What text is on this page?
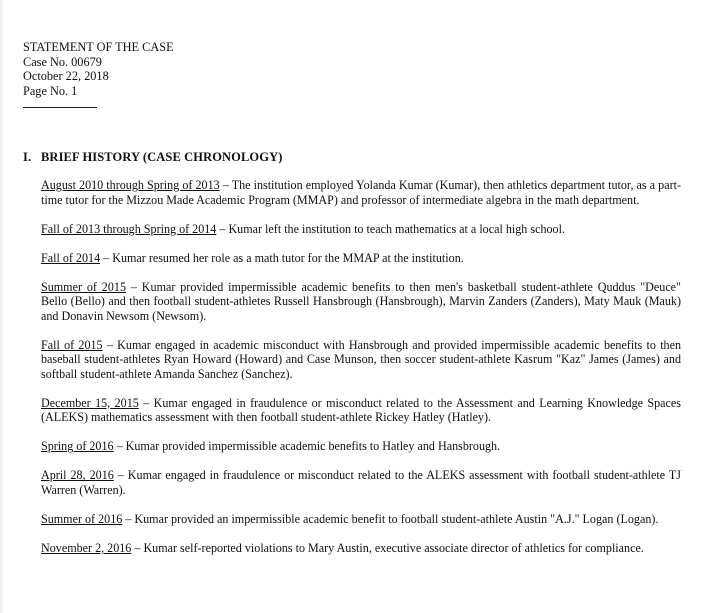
STATEMENT OF THE CASE
Case No. 00679
October 22, 2018
Page No. 1
I. BRIEF HISTORY (CASE CHRONOLOGY)

August 2010 through Spring of 2013 – The institution employed Yolanda Kumar (Kumar), then athletics department tutor, as a part-time tutor for the Mizzou Made Academic Program (MMAP) and professor of intermediate algebra in the math department.

Fall of 2013 through Spring of 2014 – Kumar left the institution to teach mathematics at a local high school.

Fall of 2014 – Kumar resumed her role as a math tutor for the MMAP at the institution.

Summer of 2015 – Kumar provided impermissible academic benefits to then men's basketball student-athlete Quddus "Deuce" Bello (Bello) and then football student-athletes Russell Hansbrough (Hansbrough), Marvin Zanders (Zanders), Maty Mauk (Mauk) and Donavin Newsom (Newsom).

Fall of 2015 – Kumar engaged in academic misconduct with Hansbrough and provided impermissible academic benefits to then baseball student-athletes Ryan Howard (Howard) and Case Munson, then soccer student-athlete Kasrum "Kaz" James (James) and softball student-athlete Amanda Sanchez (Sanchez).

December 15, 2015 – Kumar engaged in fraudulence or misconduct related to the Assessment and Learning Knowledge Spaces (ALEKS) mathematics assessment with then football student-athlete Rickey Hatley (Hatley).

Spring of 2016 – Kumar provided impermissible academic benefits to Hatley and Hansbrough.

April 28, 2016 – Kumar engaged in fraudulence or misconduct related to the ALEKS assessment with football student-athlete TJ Warren (Warren).

Summer of 2016 – Kumar provided an impermissible academic benefit to football student-athlete Austin "A.J." Logan (Logan).

November 2, 2016 – Kumar self-reported violations to Mary Austin, executive associate director of athletics for compliance.
